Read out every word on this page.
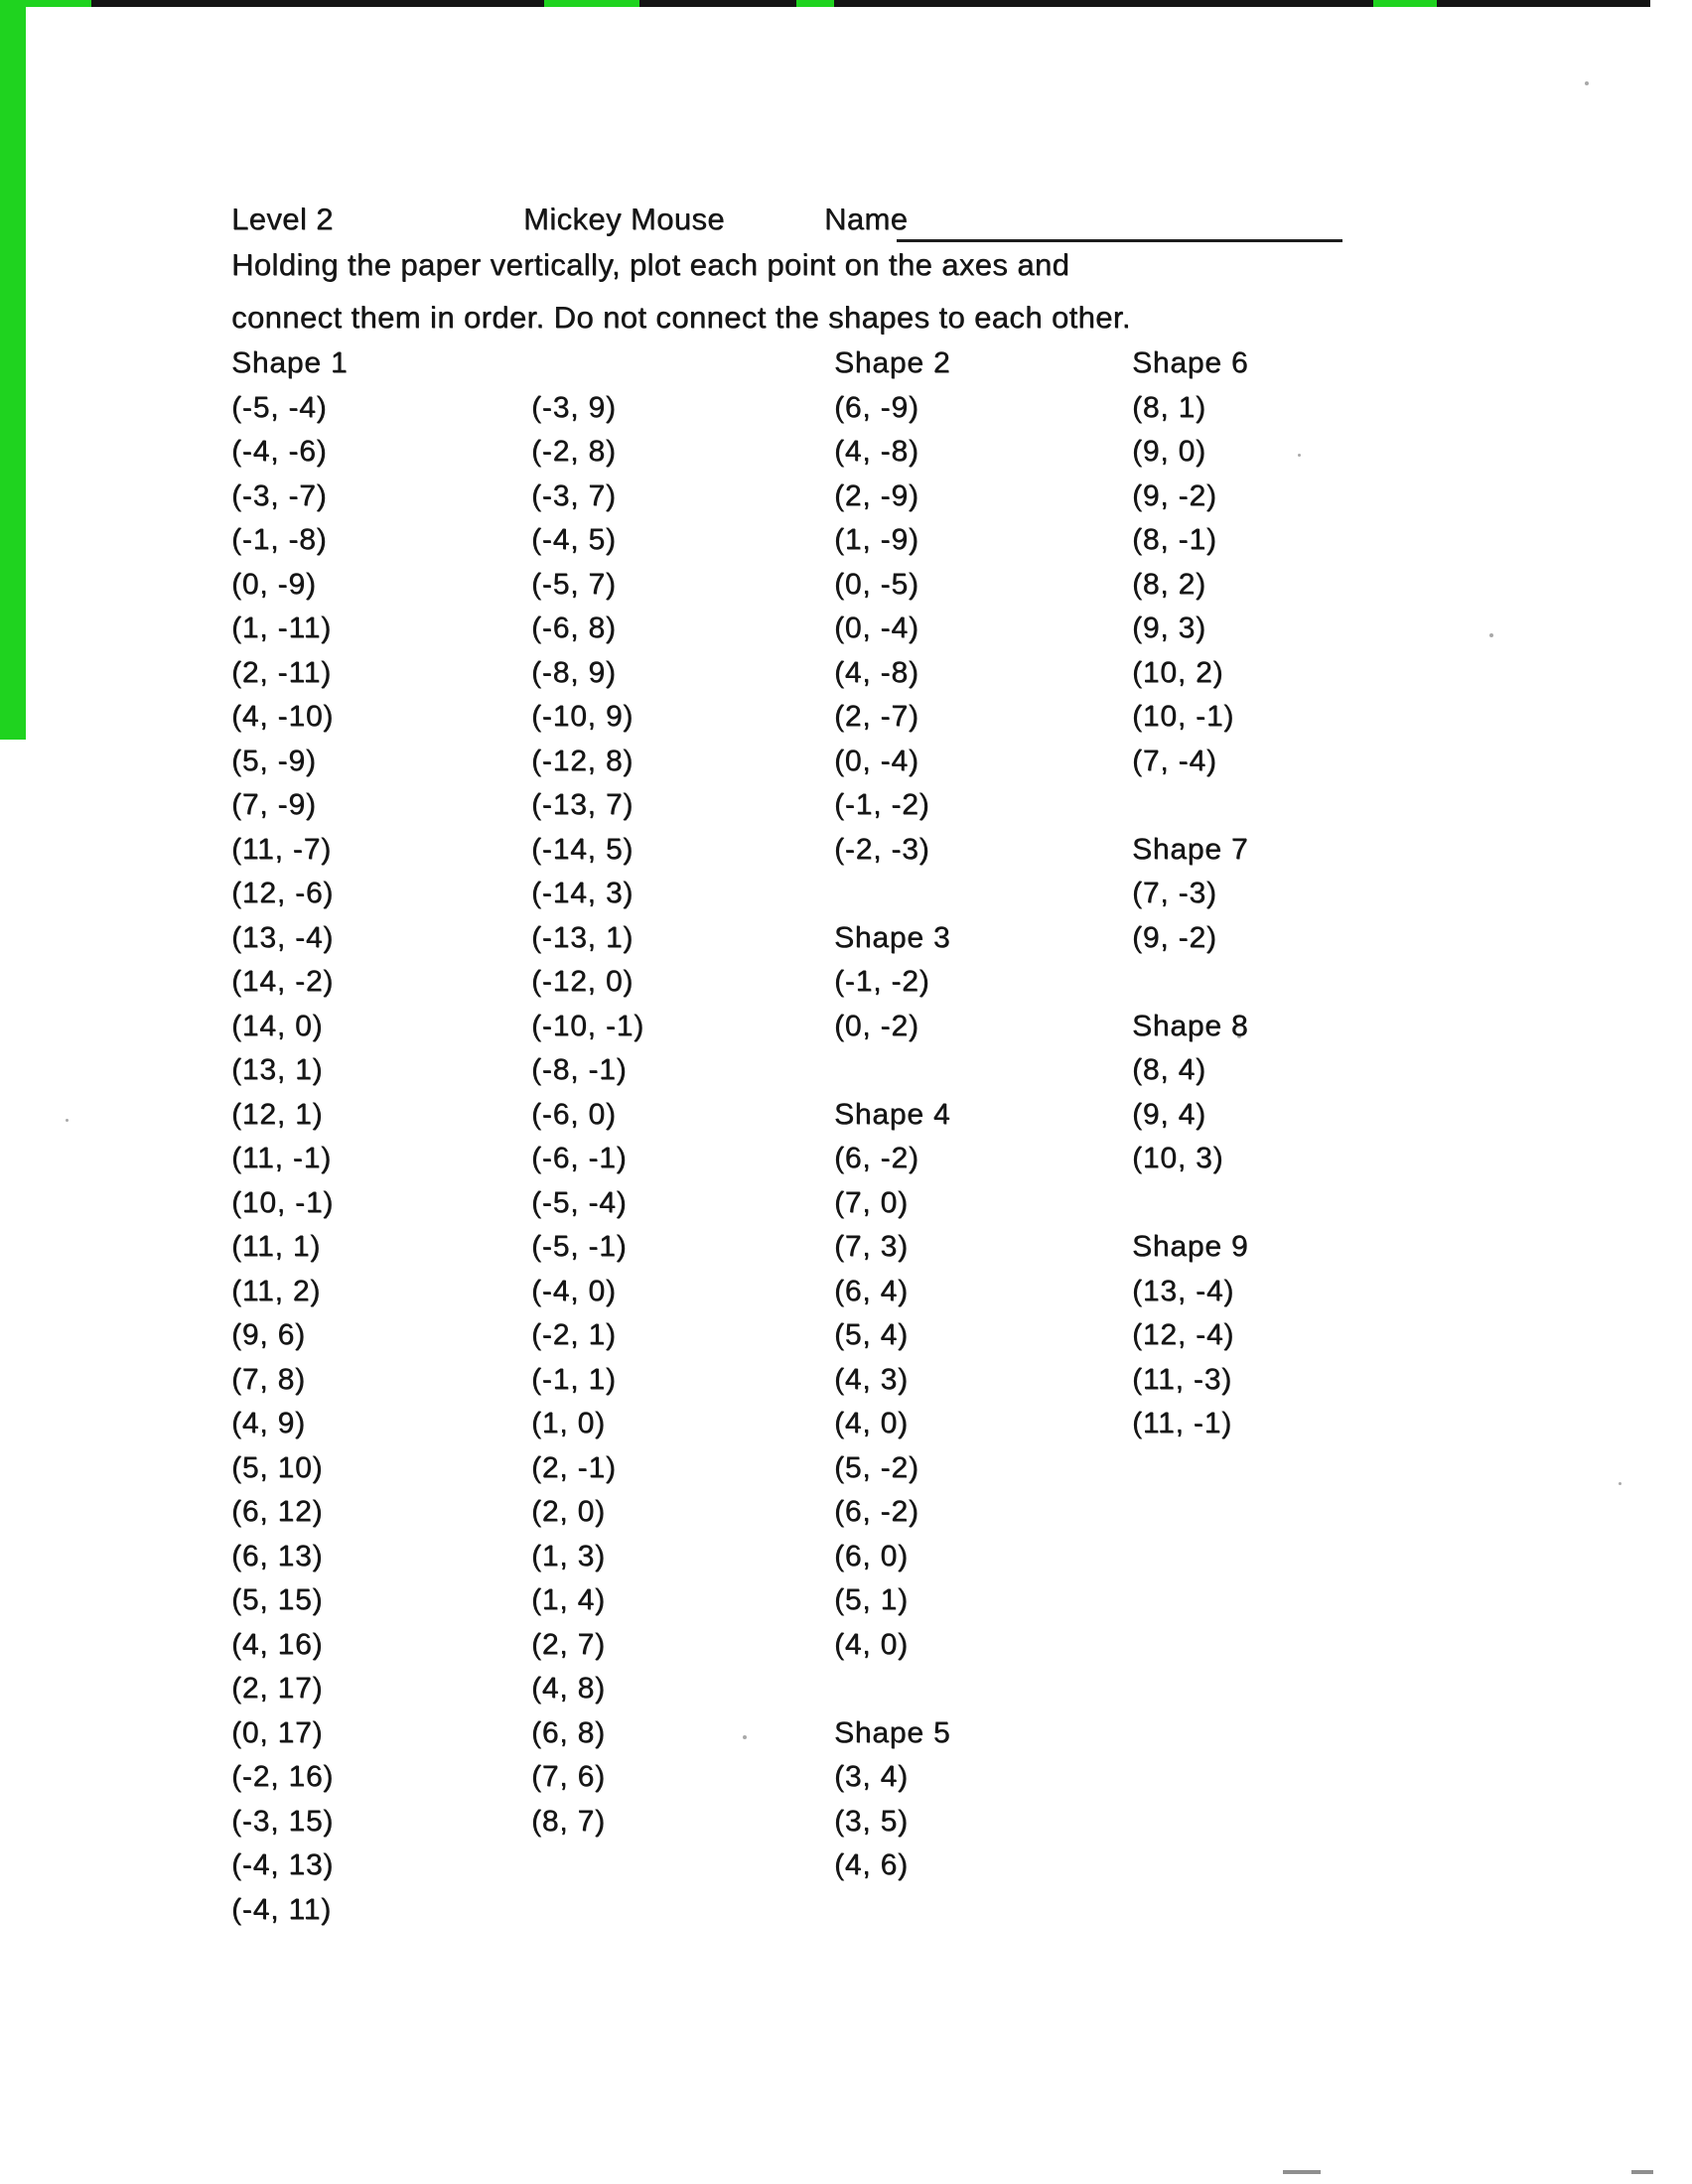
Level 2	Mickey Mouse	Name
Holding the paper vertically, plot each point on the axes and
connect them in order. Do not connect the shapes to each other.
Shape 1
(-5, -4)
(-4, -6)
(-3, -7)
(-1, -8)
(0, -9)
(1, -11)
(2, -11)
(4, -10)
(5, -9)
(7, -9)
(11, -7)
(12, -6)
(13, -4)
(14, -2)
(14, 0)
(13, 1)
(12, 1)
(11, -1)
(10, -1)
(11, 1)
(11, 2)
(9, 6)
(7, 8)
(4, 9)
(5, 10)
(6, 12)
(6, 13)
(5, 15)
(4, 16)
(2, 17)
(0, 17)
(-2, 16)
(-3, 15)
(-4, 13)
(-4, 11)
(-3, 9)
(-2, 8)
(-3, 7)
(-4, 5)
(-5, 7)
(-6, 8)
(-8, 9)
(-10, 9)
(-12, 8)
(-13, 7)
(-14, 5)
(-14, 3)
(-13, 1)
(-12, 0)
(-10, -1)
(-8, -1)
(-6, 0)
(-6, -1)
(-5, -4)
(-5, -1)
(-4, 0)
(-2, 1)
(-1, 1)
(1, 0)
(2, -1)
(2, 0)
(1, 3)
(1, 4)
(2, 7)
(4, 8)
(6, 8)
(7, 6)
(8, 7)
Shape 2
(6, -9)
(4, -8)
(2, -9)
(1, -9)
(0, -5)
(0, -4)
(4, -8)
(2, -7)
(0, -4)
(-1, -2)
(-2, -3)
Shape 3
(-1, -2)
(0, -2)
Shape 4
(6, -2)
(7, 0)
(7, 3)
(6, 4)
(5, 4)
(4, 3)
(4, 0)
(5, -2)
(6, -2)
(6, 0)
(5, 1)
(4, 0)
Shape 5
(3, 4)
(3, 5)
(4, 6)
Shape 6
(8, 1)
(9, 0)
(9, -2)
(8, -1)
(8, 2)
(9, 3)
(10, 2)
(10, -1)
(7, -4)
Shape 7
(7, -3)
(9, -2)
Shape 8
(8, 4)
(9, 4)
(10, 3)
Shape 9
(13, -4)
(12, -4)
(11, -3)
(11, -1)
